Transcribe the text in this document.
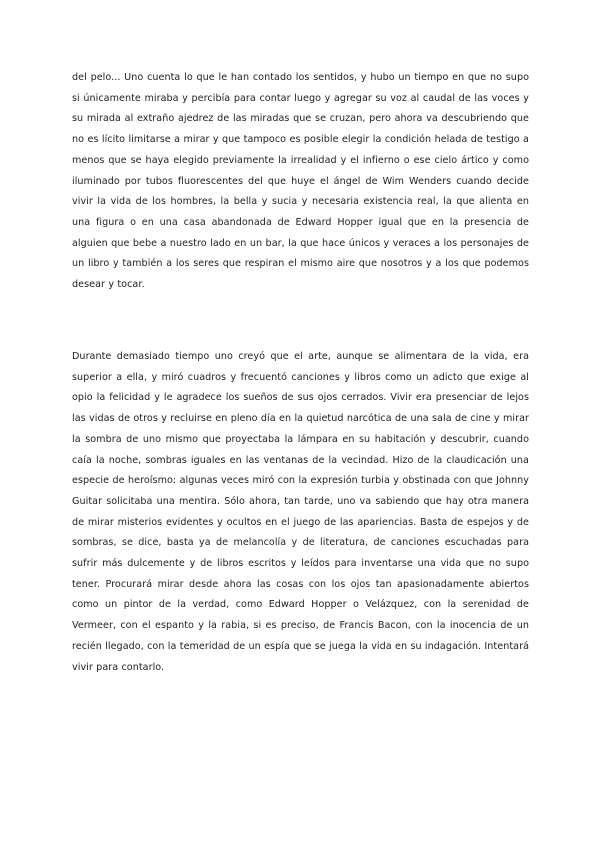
del pelo... Uno cuenta lo que le han contado los sentidos, y hubo un tiempo en que no supo si únicamente miraba y percibía para contar luego y agregar su voz al caudal de las voces y su mirada al extraño ajedrez de las miradas que se cruzan, pero ahora va descubriendo que no es lícito limitarse a mirar y que tampoco es posible elegir la condición helada de testigo a menos que se haya elegido previamente la irrealidad y el infierno o ese cielo ártico y como iluminado por tubos fluorescentes del que huye el ángel de Wim Wenders cuando decide vivir la vida de los hombres, la bella y sucia y necesaria existencia real, la que alienta en una figura o en una casa abandonada de Edward Hopper igual que en la presencia de alguien que bebe a nuestro lado en un bar, la que hace únicos y veraces a los personajes de un libro y también a los seres que respiran el mismo aire que nosotros y a los que podemos desear y tocar.

Durante demasiado tiempo uno creyó que el arte, aunque se alimentara de la vida, era superior a ella, y miró cuadros y frecuentó canciones y libros como un adicto que exige al opio la felicidad y le agradece los sueños de sus ojos cerrados. Vivir era presenciar de lejos las vidas de otros y recluirse en pleno día en la quietud narcótica de una sala de cine y mirar la sombra de uno mismo que proyectaba la lámpara en su habitación y descubrir, cuando caía la noche, sombras iguales en las ventanas de la vecindad. Hizo de la claudicación una especie de heroísmo: algunas veces miró con la expresión turbia y obstinada con que Johnny Guitar solicitaba una mentira. Sólo ahora, tan tarde, uno va sabiendo que hay otra manera de mirar misterios evidentes y ocultos en el juego de las apariencias. Basta de espejos y de sombras, se dice, basta ya de melancolía y de literatura, de canciones escuchadas para sufrir más dulcemente y de libros escritos y leídos para inventarse una vida que no supo tener. Procurará mirar desde ahora las cosas con los ojos tan apasionadamente abiertos como un pintor de la verdad, como Edward Hopper o Velázquez, con la serenidad de Vermeer, con el espanto y la rabia, si es preciso, de Francis Bacon, con la inocencia de un recién llegado, con la temeridad de un espía que se juega la vida en su indagación. Intentará vivir para contarlo.
